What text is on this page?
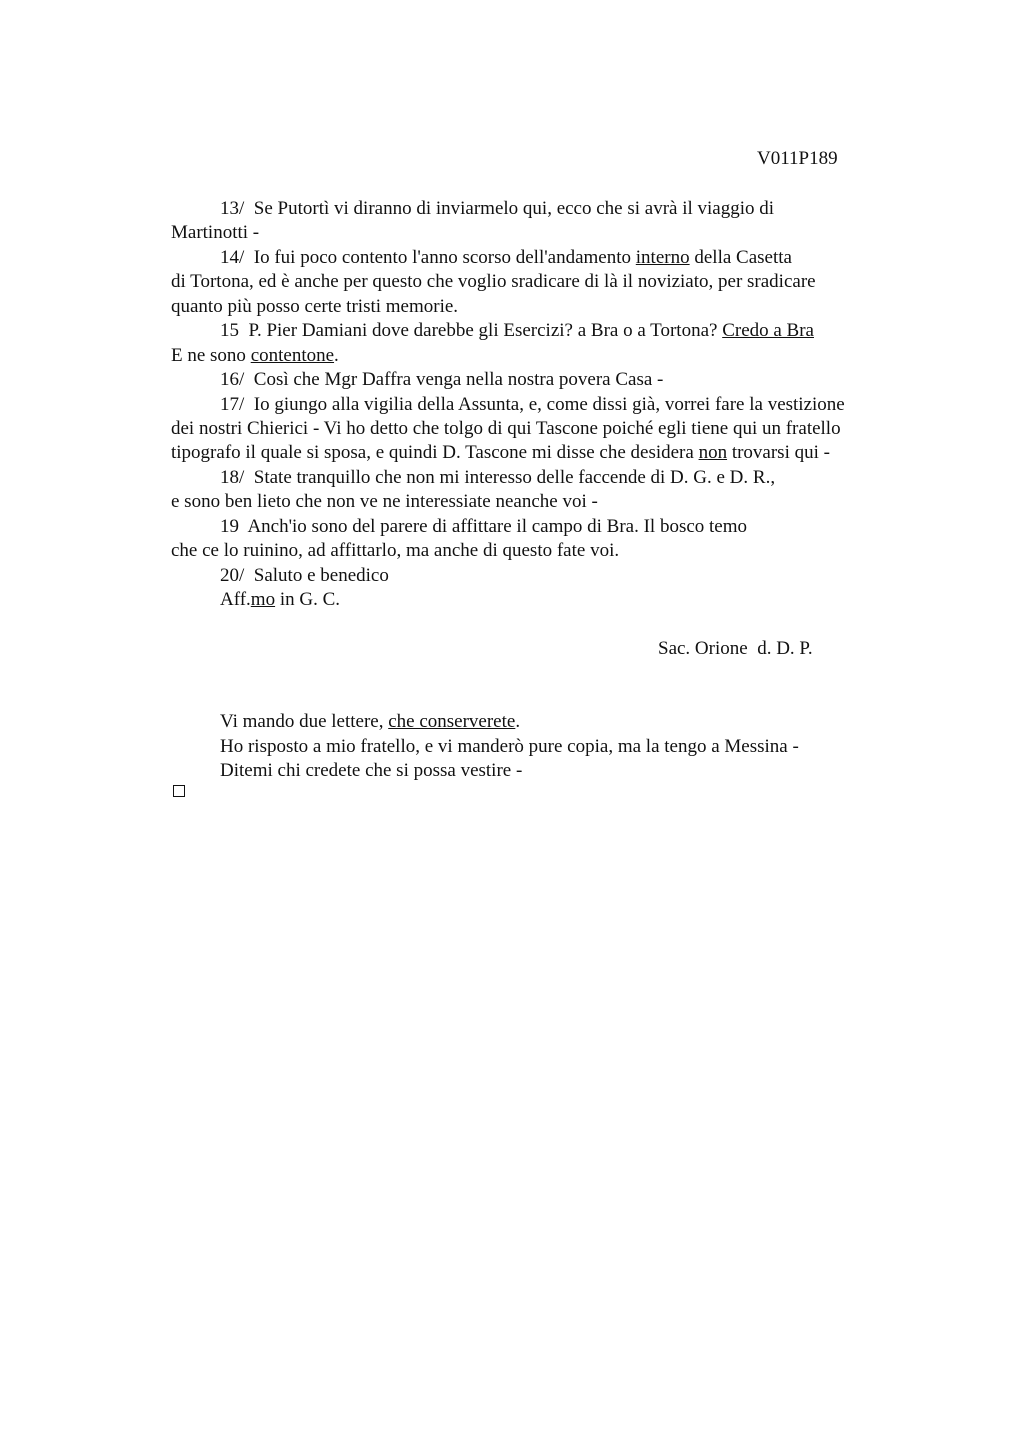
V011P189
13/  Se Putortì vi diranno di inviarmelo qui, ecco che si avrà il viaggio di
Martinotti -
14/  Io fui poco contento l'anno scorso dell'andamento interno della Casetta
di Tortona, ed è anche per questo che voglio sradicare di là il noviziato, per sradicare
quanto più posso certe tristi memorie.
15  P. Pier Damiani dove darebbe gli Esercizi? a Bra o a Tortona? Credo a Bra
E ne sono contentone.
16/  Così che Mgr Daffra venga nella nostra povera Casa -
17/  Io giungo alla vigilia della Assunta, e, come dissi già, vorrei fare la vestizione
dei nostri Chierici - Vi ho detto che tolgo di qui Tascone poiché egli tiene qui un fratello
tipografo il quale si sposa, e quindi D. Tascone mi disse che desidera non trovarsi qui -
18/  State tranquillo che non mi interesso delle faccende di D. G. e D. R.,
e sono ben lieto che non ve ne interessiate neanche voi -
19  Anch'io sono del parere di affittare il campo di Bra. Il bosco temo
che ce lo ruinino, ad affittarlo, ma anche di questo fate voi.
20/  Saluto e benedico
Aff.mo in G. C.
Sac. Orione  d. D. P.
Vi mando due lettere, che conserverete.
Ho risposto a mio fratello, e vi manderò pure copia, ma la tengo a Messina -
Ditemi chi credete che si possa vestire -
